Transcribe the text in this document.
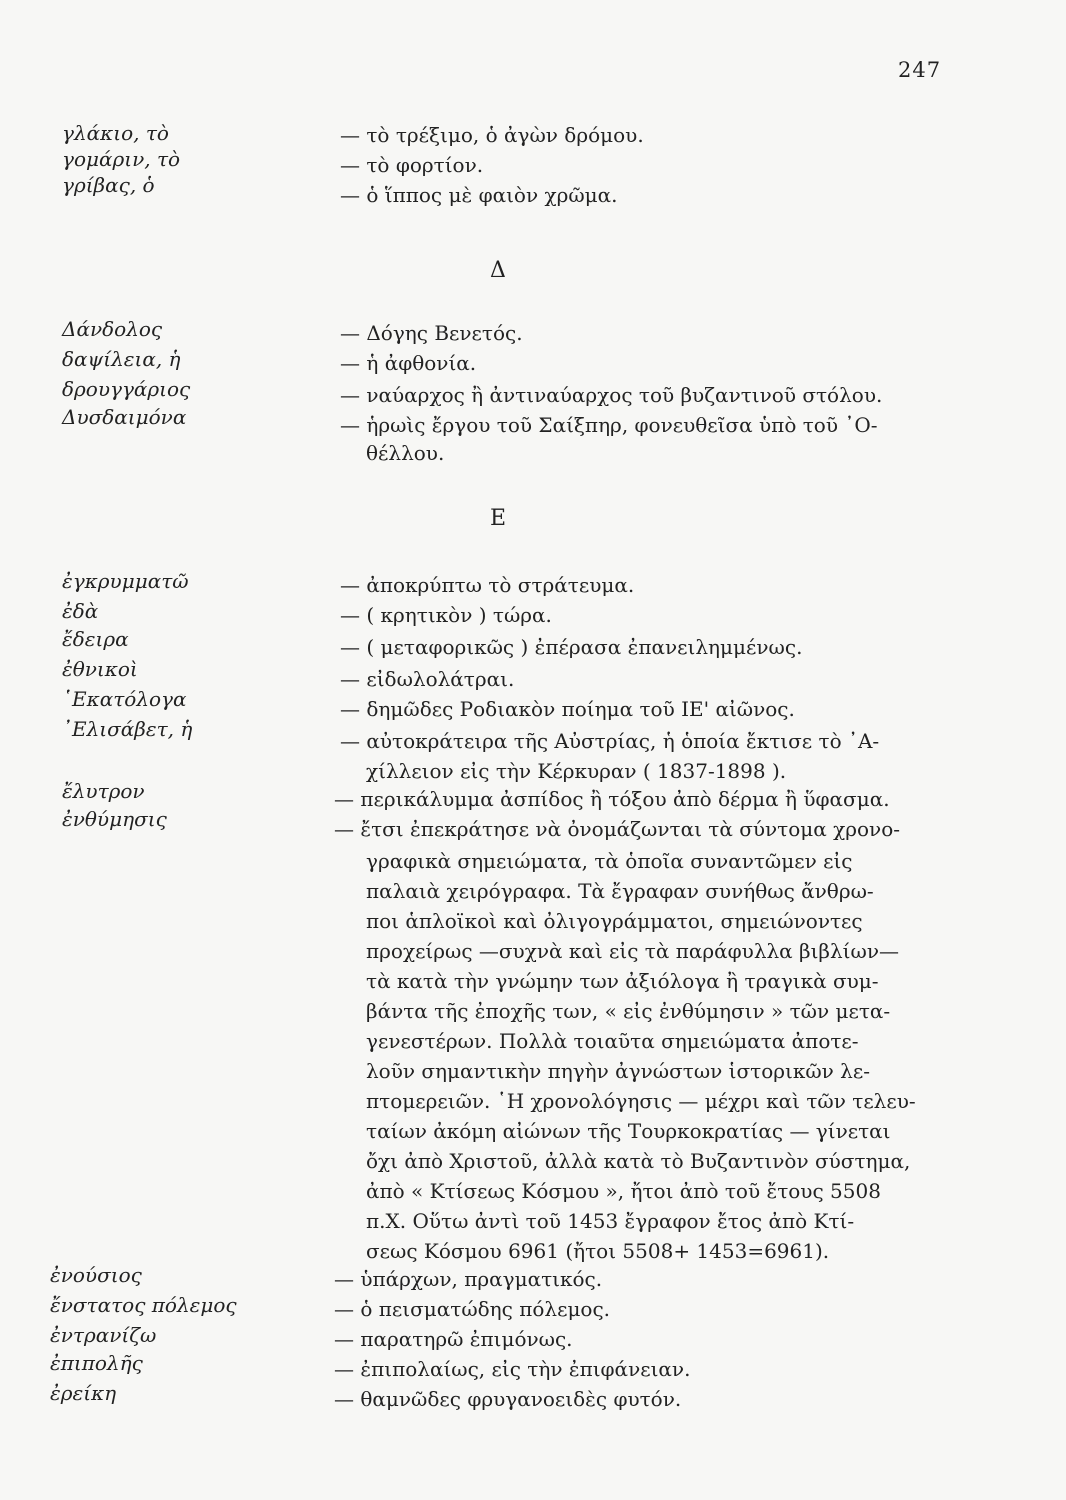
247
γλάκιο, τὸ	— τὸ τρέξιμο, ὁ ἀγὼν δρόμου.
γομάριν, τὸ	— τὸ φορτίον.
γρίβας, ὁ	— ὁ ἵππος μὲ φαιὸν χρῶμα.
Δ
Δάνδολος	— Δόγης Βενετός.
δαψίλεια, ἡ	— ἡ ἀφθονία.
δρουγγάριος	— ναύαρχος ἢ ἀντιναύαρχος τοῦ βυζαντινοῦ στόλου.
Δυσδαιμόνα	— ἡρωὶς ἔργου τοῦ Σαίξπηρ, φονευθεῖσα ὑπὸ τοῦ ᾿Ο-
θέλλου.
Ε
ἐγκρυμματῶ	— ἀποκρύπτω τὸ στράτευμα.
ἐδὰ	— ( κρητικὸν ) τώρα.
ἔδειρα	— ( μεταφορικῶς ) ἐπέρασα ἐπανειλημμένως.
ἐθνικοὶ	— εἰδωλολάτραι.
῾Εκατόλογα	— δημῶδες Ροδιακὸν ποίημα τοῦ ΙΕ' αἰῶνος.
᾿Ελισάβετ, ἡ	— αὐτοκράτειρα τῆς Αὐστρίας, ἡ ὁποία ἔκτισε τὸ ᾿Α-
χίλλειον εἰς τὴν Κέρκυραν ( 1837-1898 ).
ἔλυτρον	— περικάλυμμα ἀσπίδος ἢ τόξου ἀπὸ δέρμα ἢ ὕφασμα.
ἐνθύμησις	— ἔτσι ἐπεκράτησε νὰ ὀνομάζωνται τὰ σύντομα χρονο-
γραφικὰ σημειώματα, τὰ ὁποῖα συναντῶμεν εἰς
παλαιὰ χειρόγραφα. Τὰ ἔγραφαν συνήθως ἄνθρω-
ποι ἁπλοϊκοὶ καὶ ὀλιγογράμματοι, σημειώνοντες
προχείρως —συχνὰ καὶ εἰς τὰ παράφυλλα βιβλίων—
τὰ κατὰ τὴν γνώμην των ἀξιόλογα ἢ τραγικὰ συμ-
βάντα τῆς ἐποχῆς των, « εἰς ἐνθύμησιν » τῶν μετα-
γενεστέρων. Πολλὰ τοιαῦτα σημειώματα ἀποτε-
λοῦν σημαντικὴν πηγὴν ἀγνώστων ἱστορικῶν λε-
πτομερειῶν. ῾Η χρονολόγησις — μέχρι καὶ τῶν τελευ-
ταίων ἀκόμη αἰώνων τῆς Τουρκοκρατίας — γίνεται
ὄχι ἀπὸ Χριστοῦ, ἀλλὰ κατὰ τὸ Βυζαντινὸν σύστημα,
ἀπὸ « Κτίσεως Κόσμου », ἤτοι ἀπὸ τοῦ ἔτους 5508
π.Χ. Οὕτω ἀντὶ τοῦ 1453 ἔγραφον ἔτος ἀπὸ Κτί-
σεως Κόσμου 6961 (ἤτοι 5508+ 1453=6961).
ἐνούσιος	— ὑπάρχων, πραγματικός.
ἔνστατος πόλεμος	— ὁ πεισματώδης πόλεμος.
ἐντρανίζω	— παρατηρῶ ἐπιμόνως.
ἐπιπολῆς	— ἐπιπολαίως, εἰς τὴν ἐπιφάνειαν.
ἐρείκη	— θαμνῶδες φρυγανοειδὲς φυτόν.
